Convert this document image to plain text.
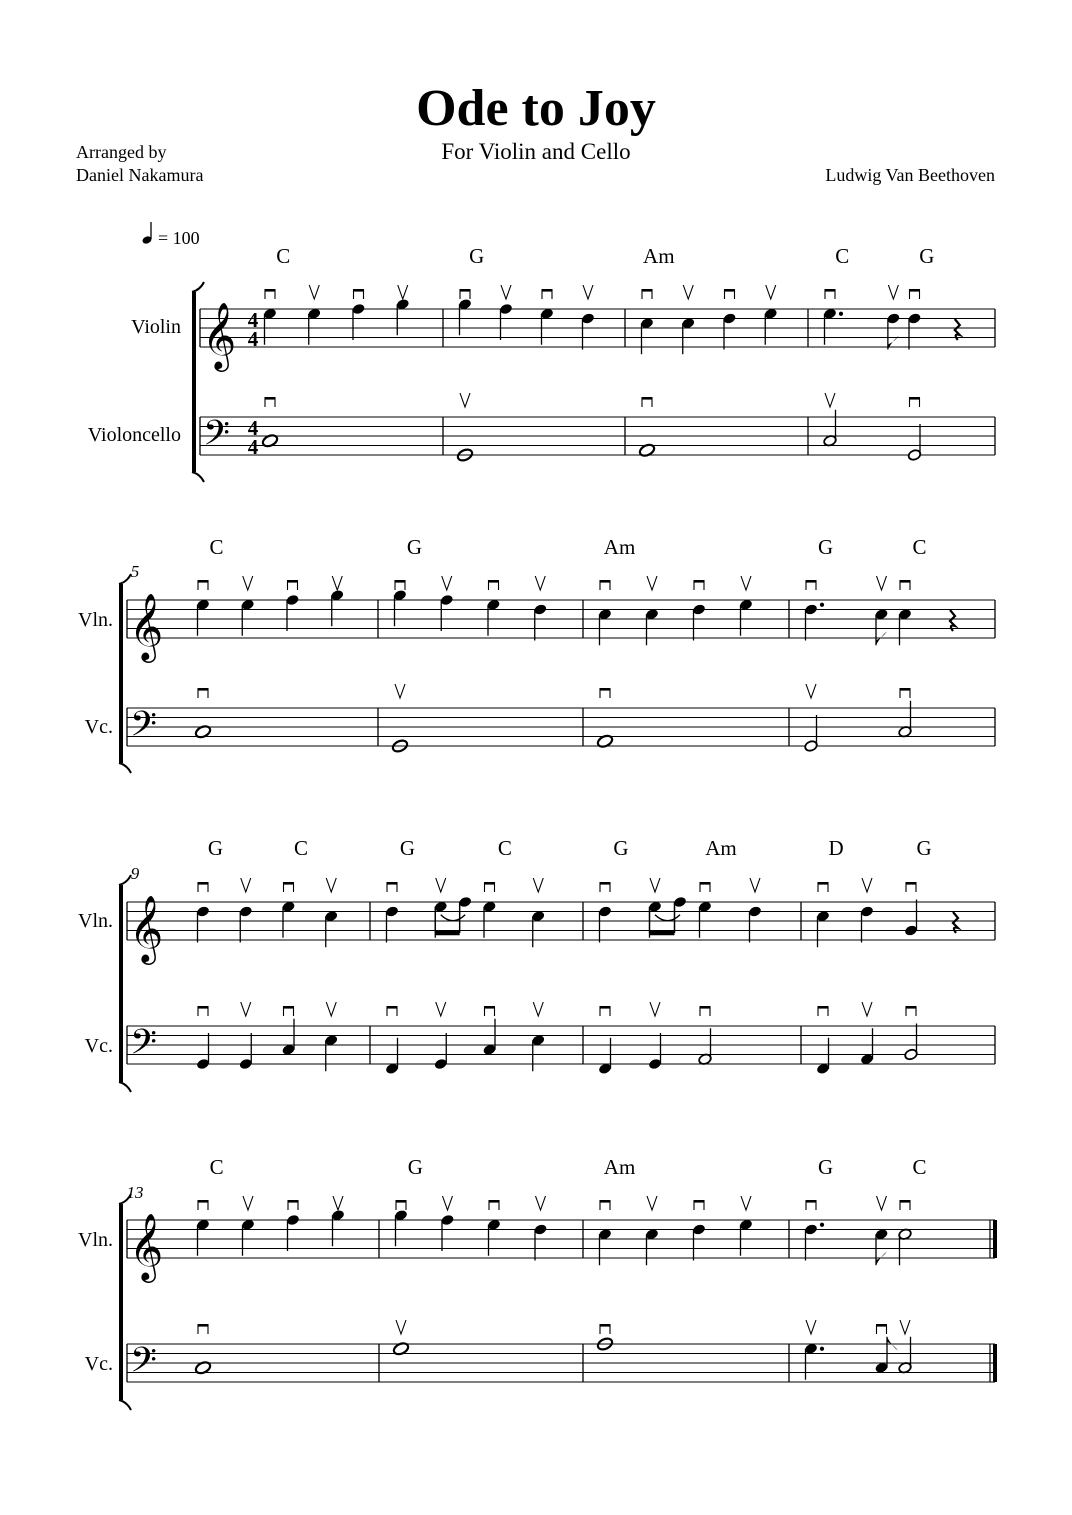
Ode to Joy
For Violin and Cello
Arranged by
Daniel Nakamura	Ludwig Van Beethoven
= 100
Violin
Violoncello
Vln.
Vc.
Vln.
Vc.
Vln.
Vc.
𝄞
𝄢
4
4
4
4
C	G	Am	C	G
𝄞
𝄢
5
C	G	Am	G	C
𝄞
𝄢
9
G	C	G	C	G	Am	D	G
𝄞
𝄢
13
C	G	Am	G	C
